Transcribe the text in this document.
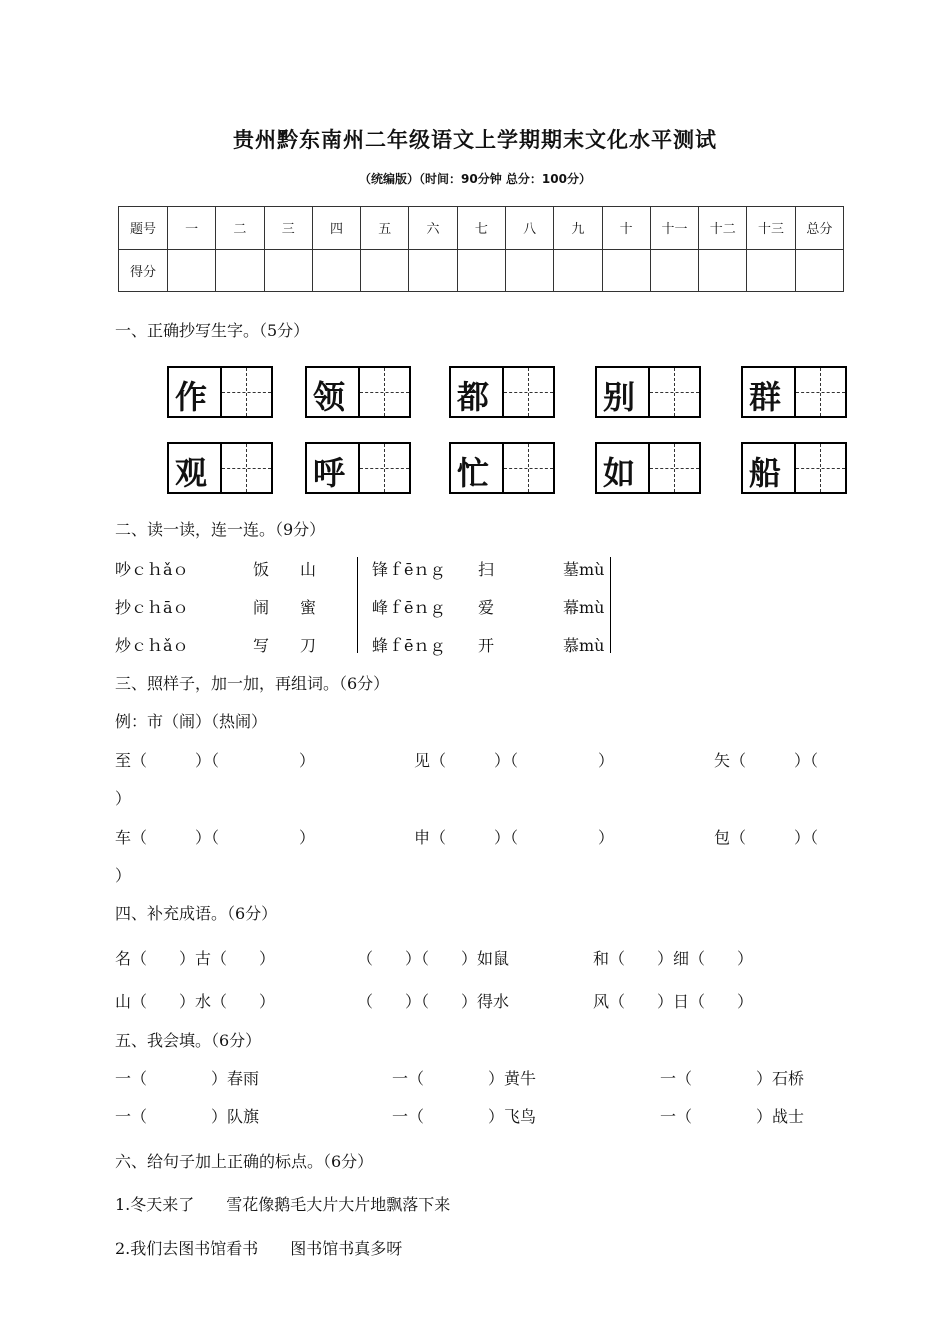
贵州黔东南州二年级语文上学期期末文化水平测试
（统编版）（时间：90分钟 总分：100分）
题号	一	二	三	四	五	六	七	八	九	十	十一	十二	十三	总分
得分														
一、正确抄写生字。（5分）
作	领	都	别	群
观	呼	忙	如	船
二、读一读，连一连。（9分）
吵ｃｈǎｏ	饭 山	锋ｆēｎｇ 扫	墓mù
抄ｃｈāｏ	闹 蜜	峰ｆēｎｇ 爱	幕mù
炒ｃｈǎｏ	写 刀	蜂ｆēｎｇ 开	慕mù
三、照样子，加一加，再组词。（6分）
例：市（闹）（热闹）
至（　　　）（　　　　　）	见（　　　）（　　　　　）	矢（　　　）（
）
车（　　　）（　　　　　）	申（　　　）（　　　　　）	包（　　　）（
）
四、补充成语。（6分）
名（　　）古（　　）	（　　）（　　）如鼠	和（　　）细（　　）
山（　　）水（　　）	（　　）（　　）得水	风（　　）日（　　）
五、我会填。（6分）
一（　　　　）春雨	一（　　　　）黄牛	一（　　　　）石桥
一（　　　　）队旗	一（　　　　）飞鸟	一（　　　　）战士
六、给句子加上正确的标点。（6分）
1.冬天来了　　雪花像鹅毛大片大片地飘落下来
2.我们去图书馆看书　　图书馆书真多呀
